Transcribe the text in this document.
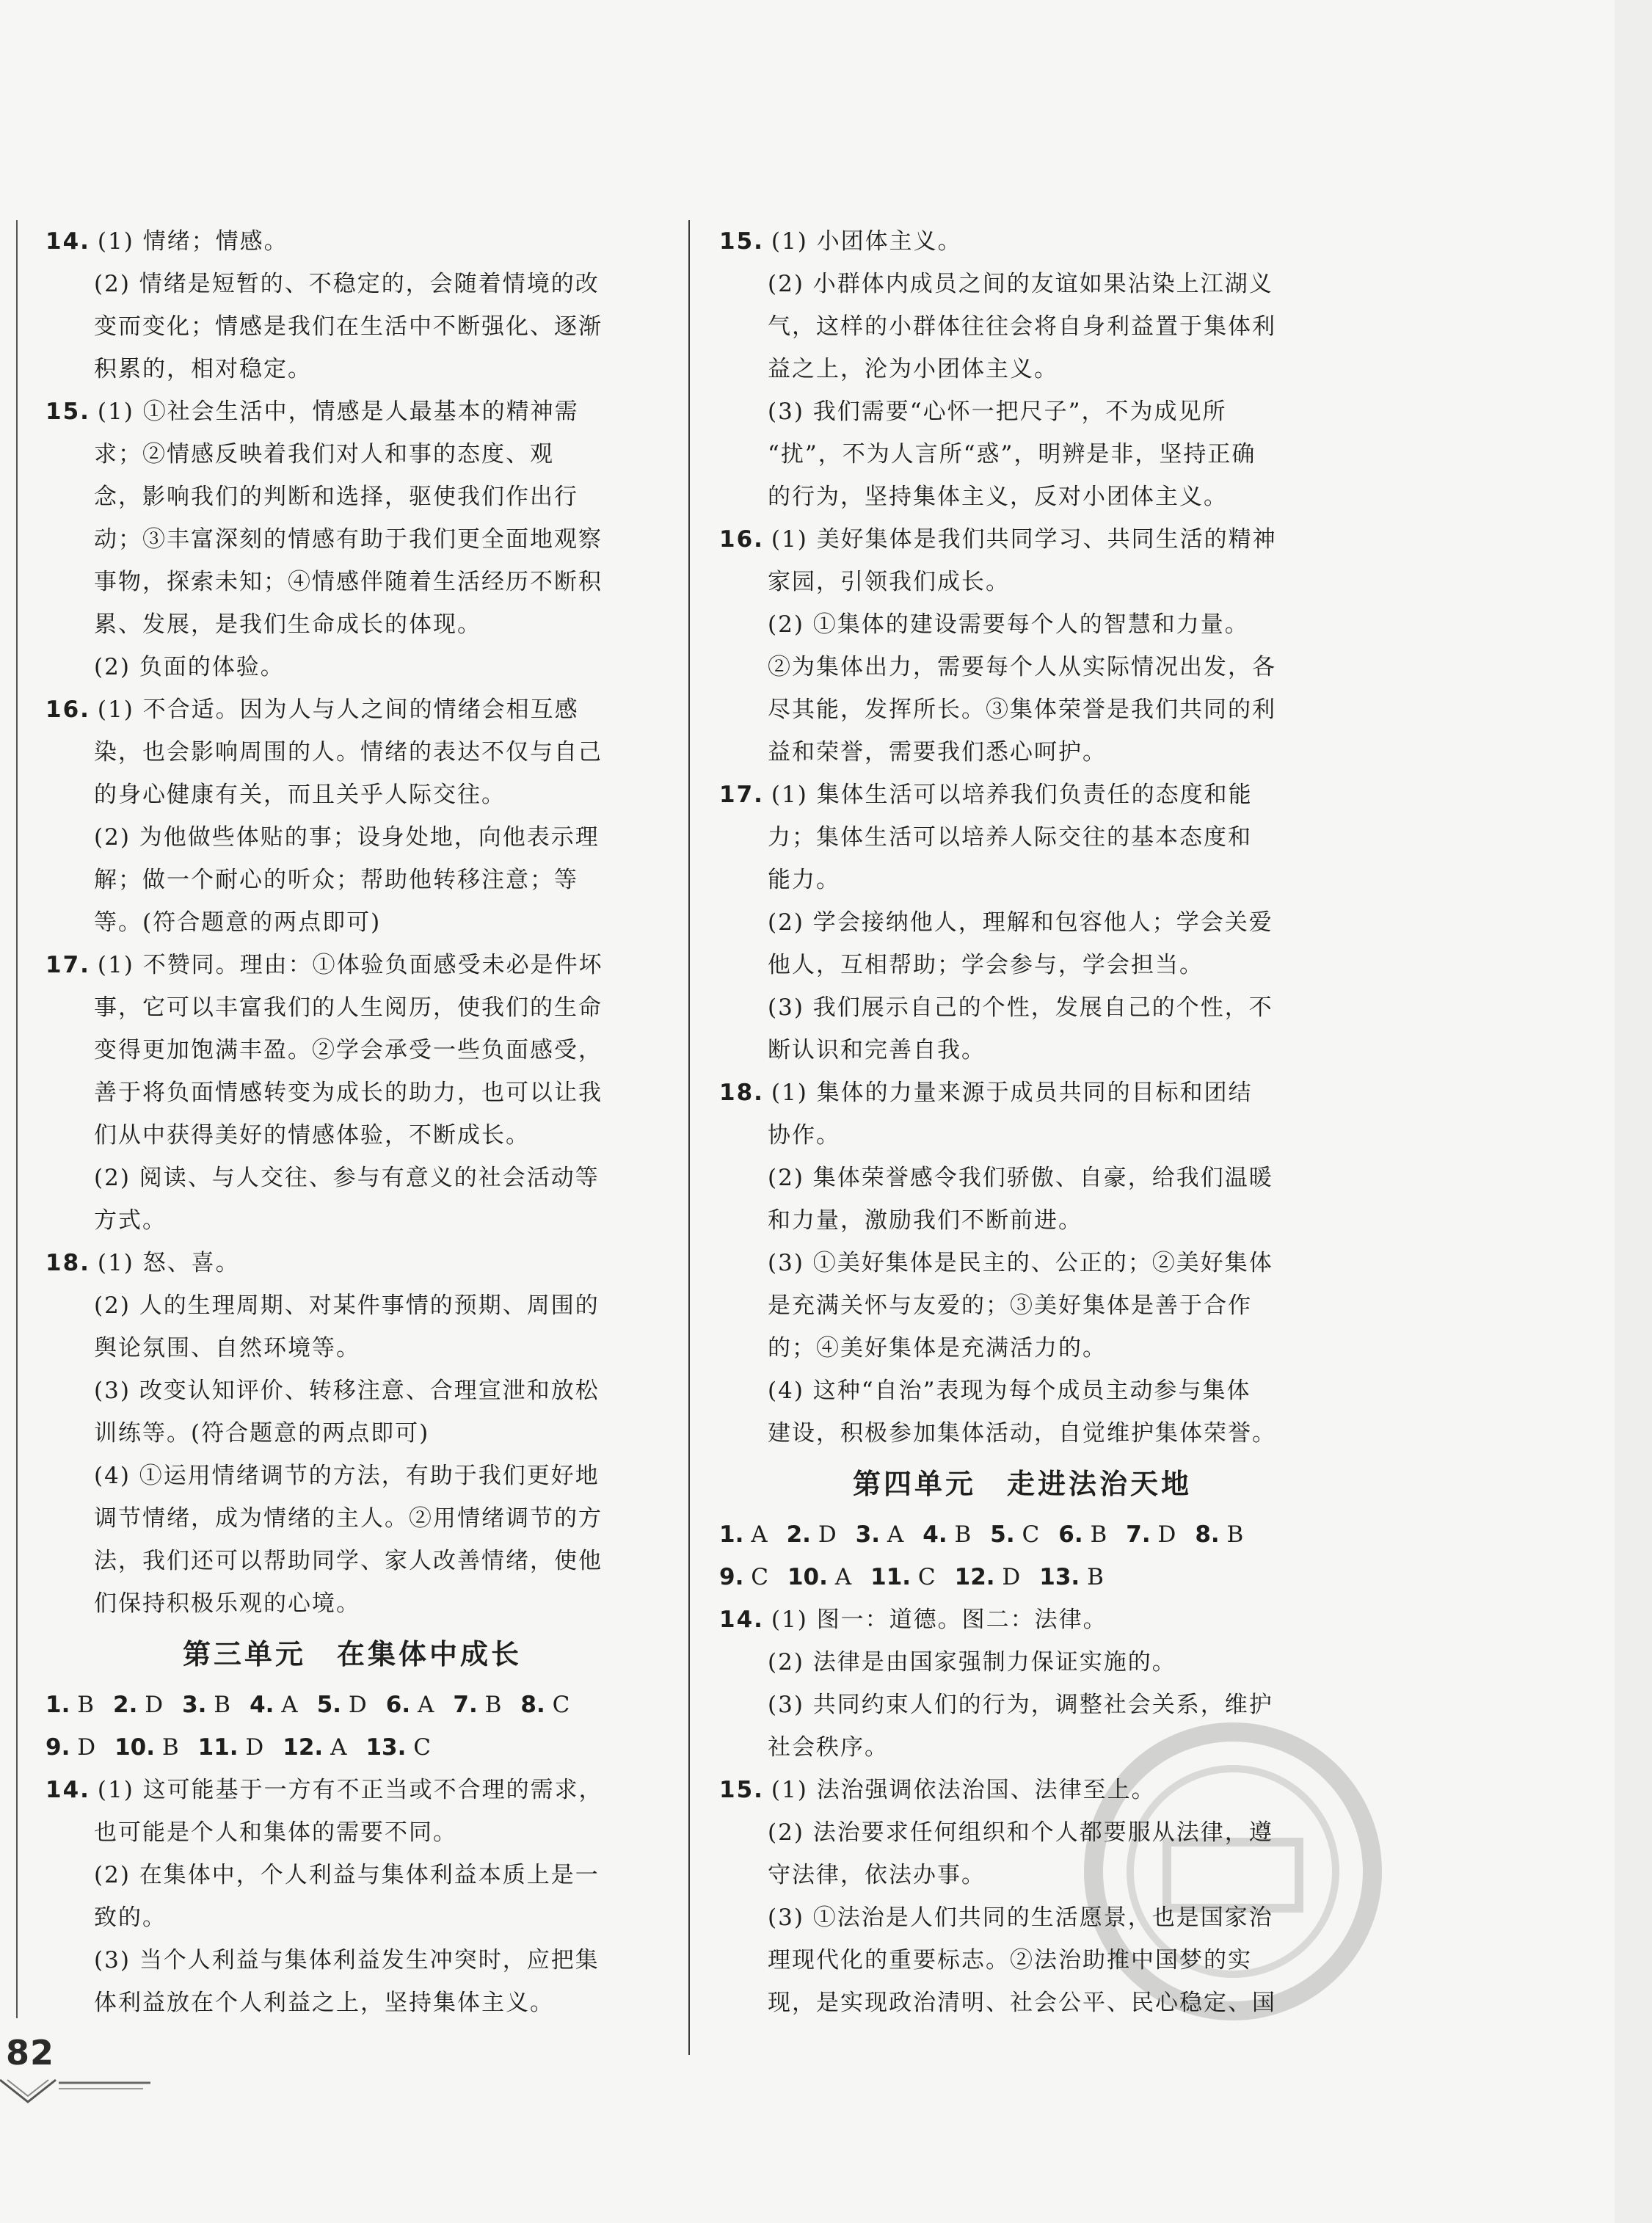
14. (1) 情绪；情感。
(2) 情绪是短暂的、不稳定的，会随着情境的改
变而变化；情感是我们在生活中不断强化、逐渐
积累的，相对稳定。
15. (1) ①社会生活中，情感是人最基本的精神需
求；②情感反映着我们对人和事的态度、观
念，影响我们的判断和选择，驱使我们作出行
动；③丰富深刻的情感有助于我们更全面地观察
事物，探索未知；④情感伴随着生活经历不断积
累、发展，是我们生命成长的体现。
(2) 负面的体验。
16. (1) 不合适。因为人与人之间的情绪会相互感
染，也会影响周围的人。情绪的表达不仅与自己
的身心健康有关，而且关乎人际交往。
(2) 为他做些体贴的事；设身处地，向他表示理
解；做一个耐心的听众；帮助他转移注意；等
等。(符合题意的两点即可)
17. (1) 不赞同。理由：①体验负面感受未必是件坏
事，它可以丰富我们的人生阅历，使我们的生命
变得更加饱满丰盈。②学会承受一些负面感受，
善于将负面情感转变为成长的助力，也可以让我
们从中获得美好的情感体验，不断成长。
(2) 阅读、与人交往、参与有意义的社会活动等
方式。
18. (1) 怒、喜。
(2) 人的生理周期、对某件事情的预期、周围的
舆论氛围、自然环境等。
(3) 改变认知评价、转移注意、合理宣泄和放松
训练等。(符合题意的两点即可)
(4) ①运用情绪调节的方法，有助于我们更好地
调节情绪，成为情绪的主人。②用情绪调节的方
法，我们还可以帮助同学、家人改善情绪，使他
们保持积极乐观的心境。
第三单元　在集体中成长
1. B 2. D 3. B 4. A 5. D 6. A 7. B 8. C
9. D 10. B 11. D 12. A 13. C
14. (1) 这可能基于一方有不正当或不合理的需求，
也可能是个人和集体的需要不同。
(2) 在集体中，个人利益与集体利益本质上是一
致的。
(3) 当个人利益与集体利益发生冲突时，应把集
体利益放在个人利益之上，坚持集体主义。
15. (1) 小团体主义。
(2) 小群体内成员之间的友谊如果沾染上江湖义
气，这样的小群体往往会将自身利益置于集体利
益之上，沦为小团体主义。
(3) 我们需要“心怀一把尺子”，不为成见所
“扰”，不为人言所“惑”，明辨是非，坚持正确
的行为，坚持集体主义，反对小团体主义。
16. (1) 美好集体是我们共同学习、共同生活的精神
家园，引领我们成长。
(2) ①集体的建设需要每个人的智慧和力量。
②为集体出力，需要每个人从实际情况出发，各
尽其能，发挥所长。③集体荣誉是我们共同的利
益和荣誉，需要我们悉心呵护。
17. (1) 集体生活可以培养我们负责任的态度和能
力；集体生活可以培养人际交往的基本态度和
能力。
(2) 学会接纳他人，理解和包容他人；学会关爱
他人，互相帮助；学会参与，学会担当。
(3) 我们展示自己的个性，发展自己的个性，不
断认识和完善自我。
18. (1) 集体的力量来源于成员共同的目标和团结
协作。
(2) 集体荣誉感令我们骄傲、自豪，给我们温暖
和力量，激励我们不断前进。
(3) ①美好集体是民主的、公正的；②美好集体
是充满关怀与友爱的；③美好集体是善于合作
的；④美好集体是充满活力的。
(4) 这种“自治”表现为每个成员主动参与集体
建设，积极参加集体活动，自觉维护集体荣誉。
第四单元　走进法治天地
1. A 2. D 3. A 4. B 5. C 6. B 7. D 8. B
9. C 10. A 11. C 12. D 13. B
14. (1) 图一：道德。图二：法律。
(2) 法律是由国家强制力保证实施的。
(3) 共同约束人们的行为，调整社会关系，维护
社会秩序。
15. (1) 法治强调依法治国、法律至上。
(2) 法治要求任何组织和个人都要服从法律，遵
守法律，依法办事。
(3) ①法治是人们共同的生活愿景，也是国家治
理现代化的重要标志。②法治助推中国梦的实
现，是实现政治清明、社会公平、民心稳定、国
82
